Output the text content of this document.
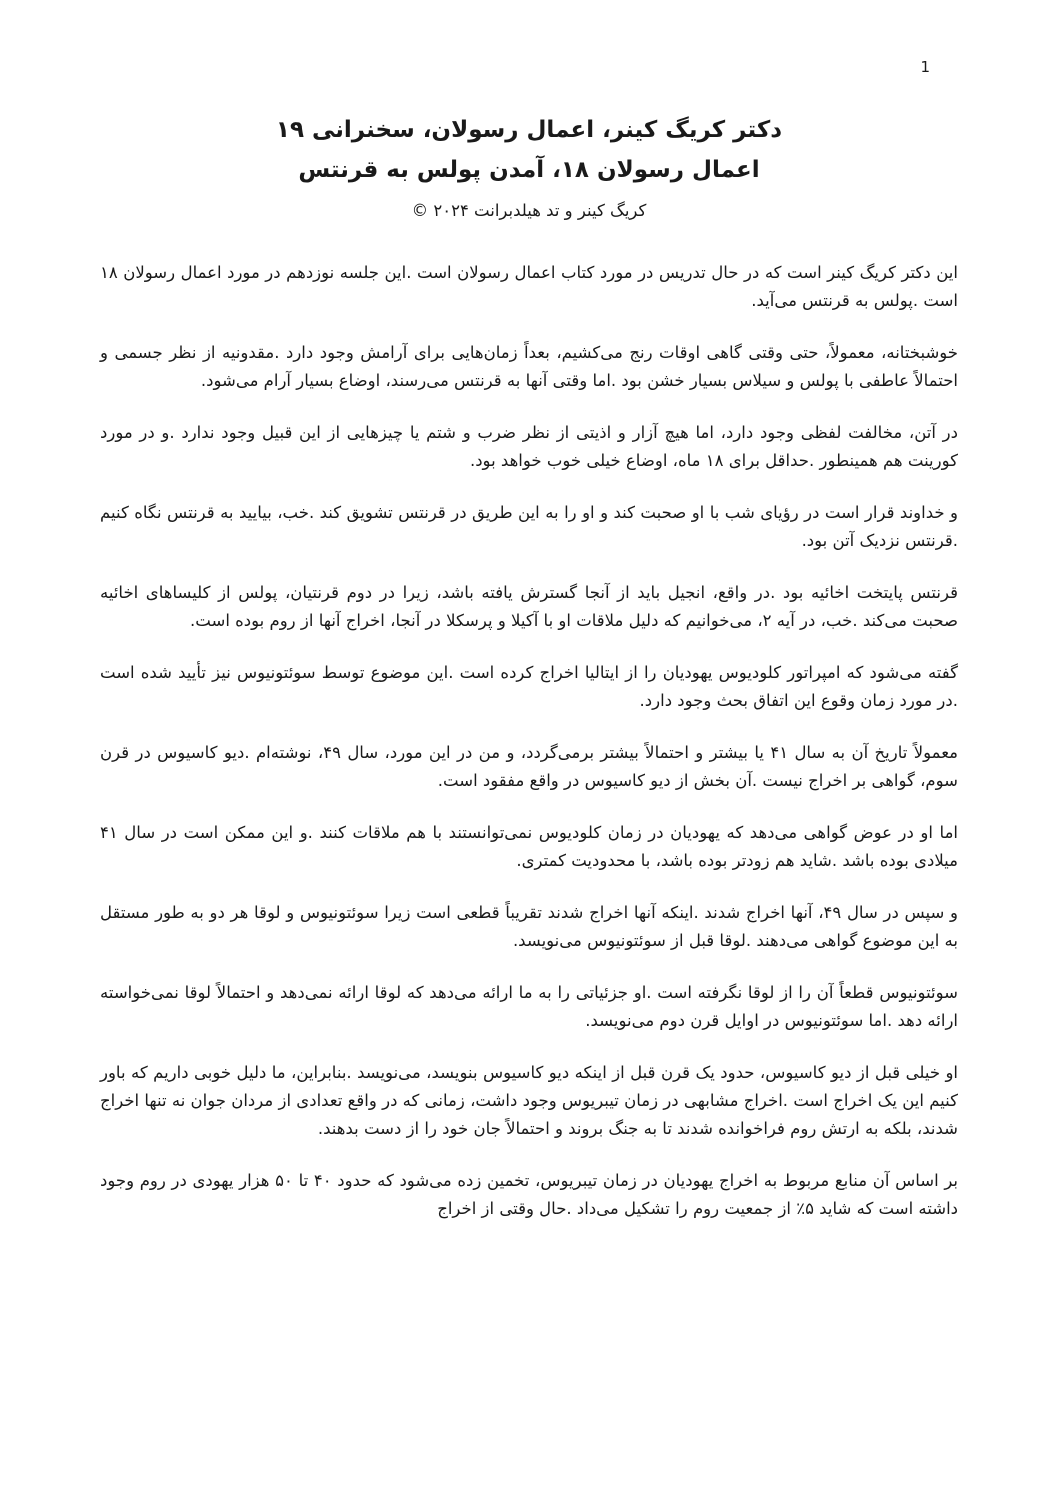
1
دکتر کریگ کینر، اعمال رسولان، سخنرانی ۱۹
اعمال رسولان ۱۸، آمدن پولس به قرنتس
کریگ کینر و تد هیلدبرانت ۲۰۲۴ ©

این دکتر کریگ کینر است که در حال تدریس در مورد کتاب اعمال رسولان است .این جلسه نوزدهم در مورد اعمال رسولان ۱۸ است .پولس به قرنتس می‌آید.

خوشبختانه، معمولاً، حتی وقتی گاهی اوقات رنج می‌کشیم، بعداً زمان‌هایی برای آرامش وجود دارد .مقدونیه از نظر جسمی و احتمالاً عاطفی با پولس و سیلاس بسیار خشن بود .اما وقتی آنها به قرنتس می‌رسند، اوضاع بسیار آرام می‌شود.

در آتن، مخالفت لفظی وجود دارد، اما هیچ آزار و اذیتی از نظر ضرب و شتم یا چیزهایی از این قبیل وجود ندارد .و در مورد کورینت هم همینطور .حداقل برای ۱۸ ماه، اوضاع خیلی خوب خواهد بود.

و خداوند قرار است در رؤیای شب با او صحبت کند و او را به این طریق در قرنتس تشویق کند .خب، بیایید به قرنتس نگاه کنیم .قرنتس نزدیک آتن بود.

قرنتس پایتخت اخائیه بود .در واقع، انجیل باید از آنجا گسترش یافته باشد، زیرا در دوم قرنتیان، پولس از کلیساهای اخائیه صحبت می‌کند .خب، در آیه ۲، می‌خوانیم که دلیل ملاقات او با آکیلا و پرسکلا در آنجا، اخراج آنها از روم بوده است.

گفته می‌شود که امپراتور کلودیوس یهودیان را از ایتالیا اخراج کرده است .این موضوع توسط سوئتونیوس نیز تأیید شده است .در مورد زمان وقوع این اتفاق بحث وجود دارد.

معمولاً تاریخ آن به سال ۴۱ یا بیشتر و احتمالاً بیشتر برمی‌گردد، و من در این مورد، سال ۴۹، نوشته‌ام .دیو کاسیوس در قرن سوم، گواهی بر اخراج نیست .آن بخش از دیو کاسیوس در واقع مفقود است.

اما او در عوض گواهی می‌دهد که یهودیان در زمان کلودیوس نمی‌توانستند با هم ملاقات کنند .و این ممکن است در سال ۴۱ میلادی بوده باشد .شاید هم زودتر بوده باشد، با محدودیت کمتری.

و سپس در سال ۴۹، آنها اخراج شدند .اینکه آنها اخراج شدند تقریباً قطعی است زیرا سوئتونیوس و لوقا هر دو به طور مستقل به این موضوع گواهی می‌دهند .لوقا قبل از سوئتونیوس می‌نویسد.

سوئتونیوس قطعاً آن را از لوقا نگرفته است .او جزئیاتی را به ما ارائه می‌دهد که لوقا ارائه نمی‌دهد و احتمالاً لوقا نمی‌خواسته ارائه دهد .اما سوئتونیوس در اوایل قرن دوم می‌نویسد.

او خیلی قبل از دیو کاسیوس، حدود یک قرن قبل از اینکه دیو کاسیوس بنویسد، می‌نویسد .بنابراین، ما دلیل خوبی داریم که باور کنیم این یک اخراج است .اخراج مشابهی در زمان تیبریوس وجود داشت، زمانی که در واقع تعدادی از مردان جوان نه تنها اخراج شدند، بلکه به ارتش روم فراخوانده شدند تا به جنگ بروند و احتمالاً جان خود را از دست بدهند.

بر اساس آن منابع مربوط به اخراج یهودیان در زمان تیبریوس، تخمین زده می‌شود که حدود ۴۰ تا ۵۰ هزار یهودی در روم وجود داشته است که شاید ۵٪ از جمعیت روم را تشکیل می‌داد .حال وقتی از اخراج
